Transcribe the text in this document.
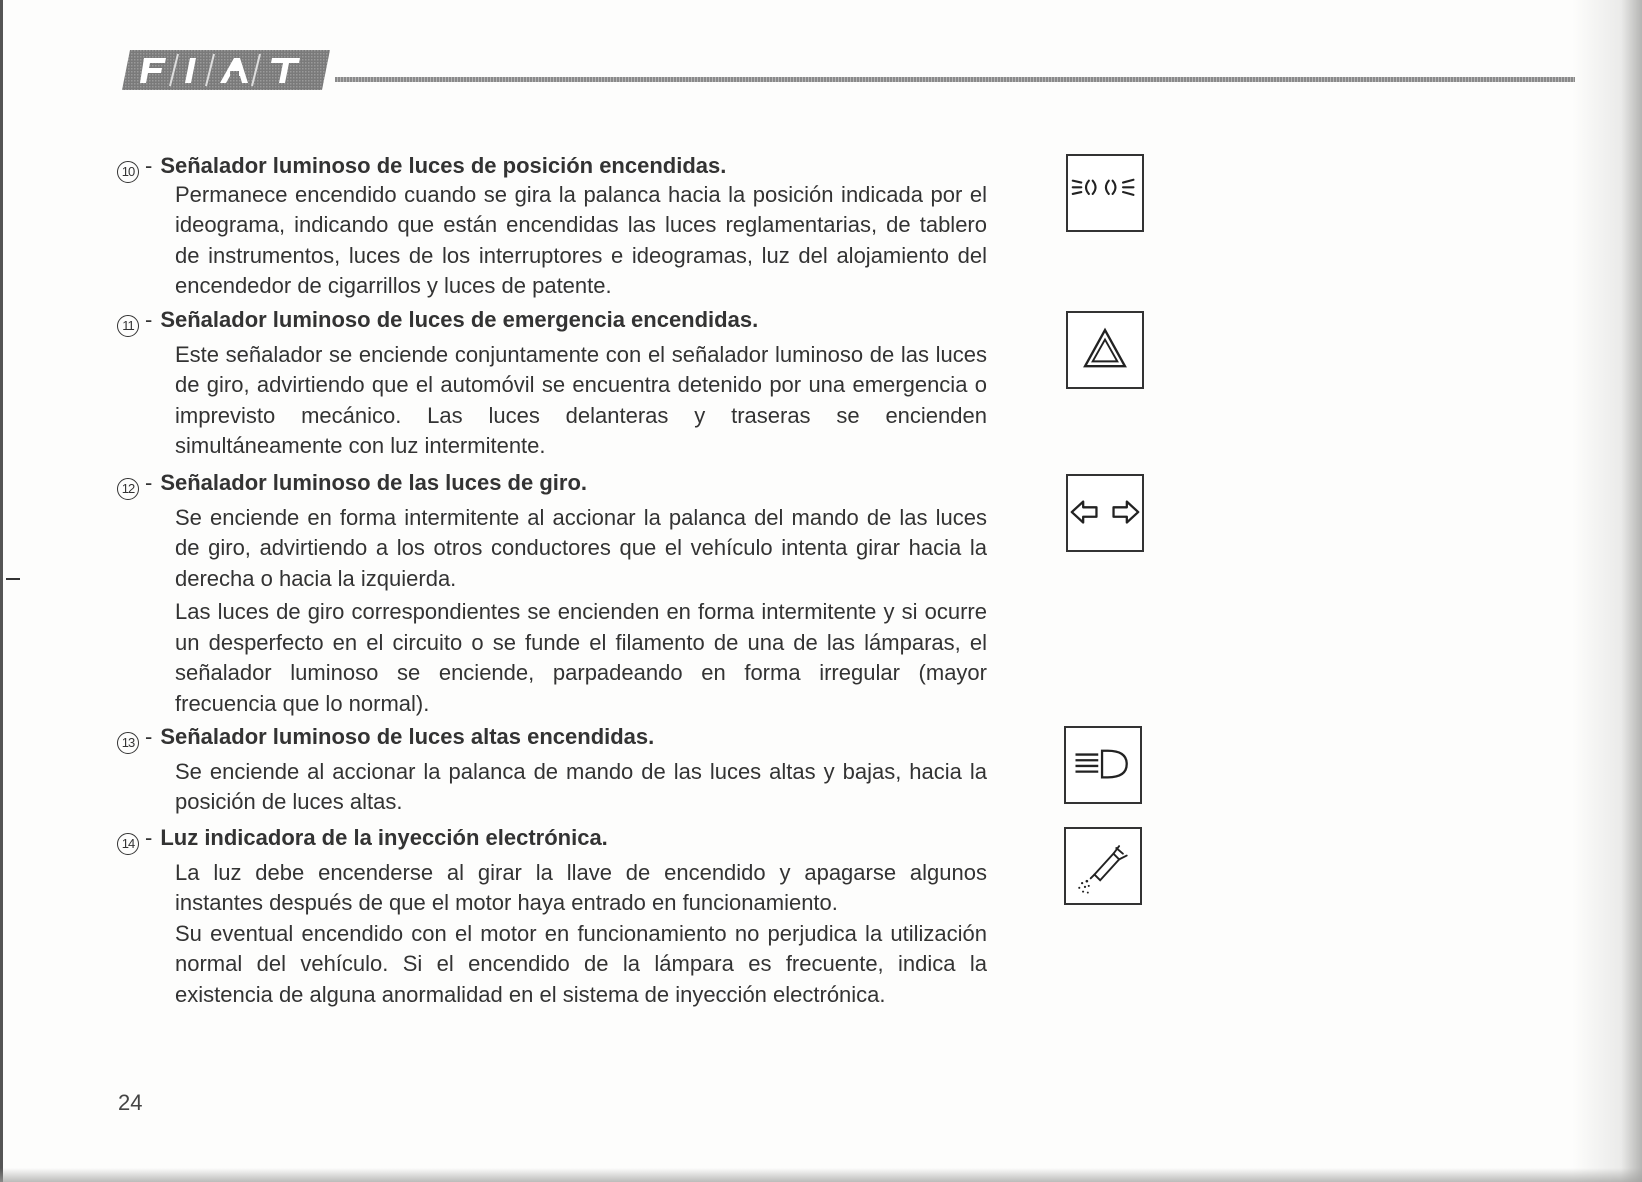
10 - Señalador luminoso de luces de posición encendidas.

Permanece encendido cuando se gira la palanca hacia la posición indicada por el ideograma, indicando que están encendidas las luces reglamentarias, de tablero de instrumentos, luces de los interruptores e ideogramas, luz del alojamiento del encendedor de cigarrillos y luces de patente.

11 - Señalador luminoso de luces de emergencia encendidas.

Este señalador se enciende conjuntamente con el señalador luminoso de las luces de giro, advirtiendo que el automóvil se encuentra detenido por una emergencia o imprevisto mecánico. Las luces delanteras y traseras se encienden simultáneamente con luz intermitente.

12 - Señalador luminoso de las luces de giro.

Se enciende en forma intermitente al accionar la palanca del mando de las luces de giro, advirtiendo a los otros conductores que el vehículo intenta girar hacia la derecha o hacia la izquierda.

Las luces de giro correspondientes se encienden en forma intermitente y si ocurre un desperfecto en el circuito o se funde el filamento de una de las lámparas, el señalador luminoso se enciende, parpadeando en forma irregular (mayor frecuencia que lo normal).

13 - Señalador luminoso de luces altas encendidas.

Se enciende al accionar la palanca de mando de las luces altas y bajas, hacia la posición de luces altas.

14 - Luz indicadora de la inyección electrónica.

La luz debe encenderse al girar la llave de encendido y apagarse algunos instantes después de que el motor haya entrado en funcionamiento.

Su eventual encendido con el motor en funcionamiento no perjudica la utilización normal del vehículo. Si el encendido de la lámpara es frecuente, indica la existencia de alguna anormalidad en el sistema de inyección electrónica.

24
